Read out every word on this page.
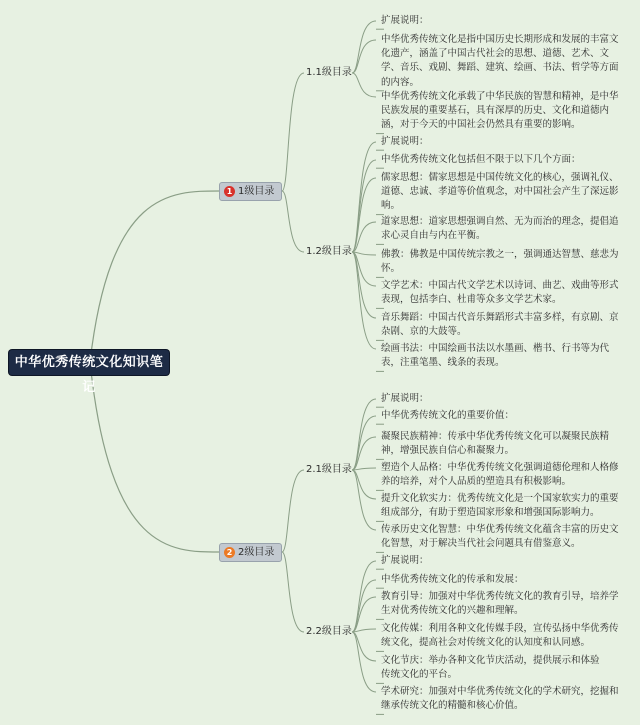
中华优秀传统文化知识笔记
1 1级目录
2 2级目录
1.1级目录
1.2级目录
2.1级目录
2.2级目录
扩展说明：
中华优秀传统文化是指中国历史长期形成和发展的丰富文
化遗产，涵盖了中国古代社会的思想、道德、艺术、文
学、音乐、戏剧、舞蹈、建筑、绘画、书法、哲学等方面
的内容。
中华优秀传统文化承载了中华民族的智慧和精神，是中华
民族发展的重要基石，具有深厚的历史、文化和道德内
涵，对于今天的中国社会仍然具有重要的影响。
扩展说明：
中华优秀传统文化包括但不限于以下几个方面：
儒家思想：儒家思想是中国传统文化的核心，强调礼仪、
道德、忠诚、孝道等价值观念，对中国社会产生了深远影
响。
道家思想：道家思想强调自然、无为而治的理念，提倡追
求心灵自由与内在平衡。
佛教：佛教是中国传统宗教之一，强调通达智慧、慈悲为
怀。
文学艺术：中国古代文学艺术以诗词、曲艺、戏曲等形式
表现，包括李白、杜甫等众多文学艺术家。
音乐舞蹈：中国古代音乐舞蹈形式丰富多样，有京剧、京
杂剧、京的大鼓等。
绘画书法：中国绘画书法以水墨画、楷书、行书等为代
表，注重笔墨、线条的表现。
扩展说明：
中华优秀传统文化的重要价值：
凝聚民族精神：传承中华优秀传统文化可以凝聚民族精
神，增强民族自信心和凝聚力。
塑造个人品格：中华优秀传统文化强调道德伦理和人格修
养的培养，对个人品质的塑造具有积极影响。
提升文化软实力：优秀传统文化是一个国家软实力的重要
组成部分，有助于塑造国家形象和增强国际影响力。
传承历史文化智慧：中华优秀传统文化蕴含丰富的历史文
化智慧，对于解决当代社会问题具有借鉴意义。
扩展说明：
中华优秀传统文化的传承和发展：
教育引导：加强对中华优秀传统文化的教育引导，培养学
生对优秀传统文化的兴趣和理解。
文化传媒：利用各种文化传媒手段，宣传弘扬中华优秀传
统文化，提高社会对传统文化的认知度和认同感。
文化节庆：举办各种文化节庆活动，提供展示和体验
传统文化的平台。
学术研究：加强对中华优秀传统文化的学术研究，挖掘和
继承传统文化的精髓和核心价值。
